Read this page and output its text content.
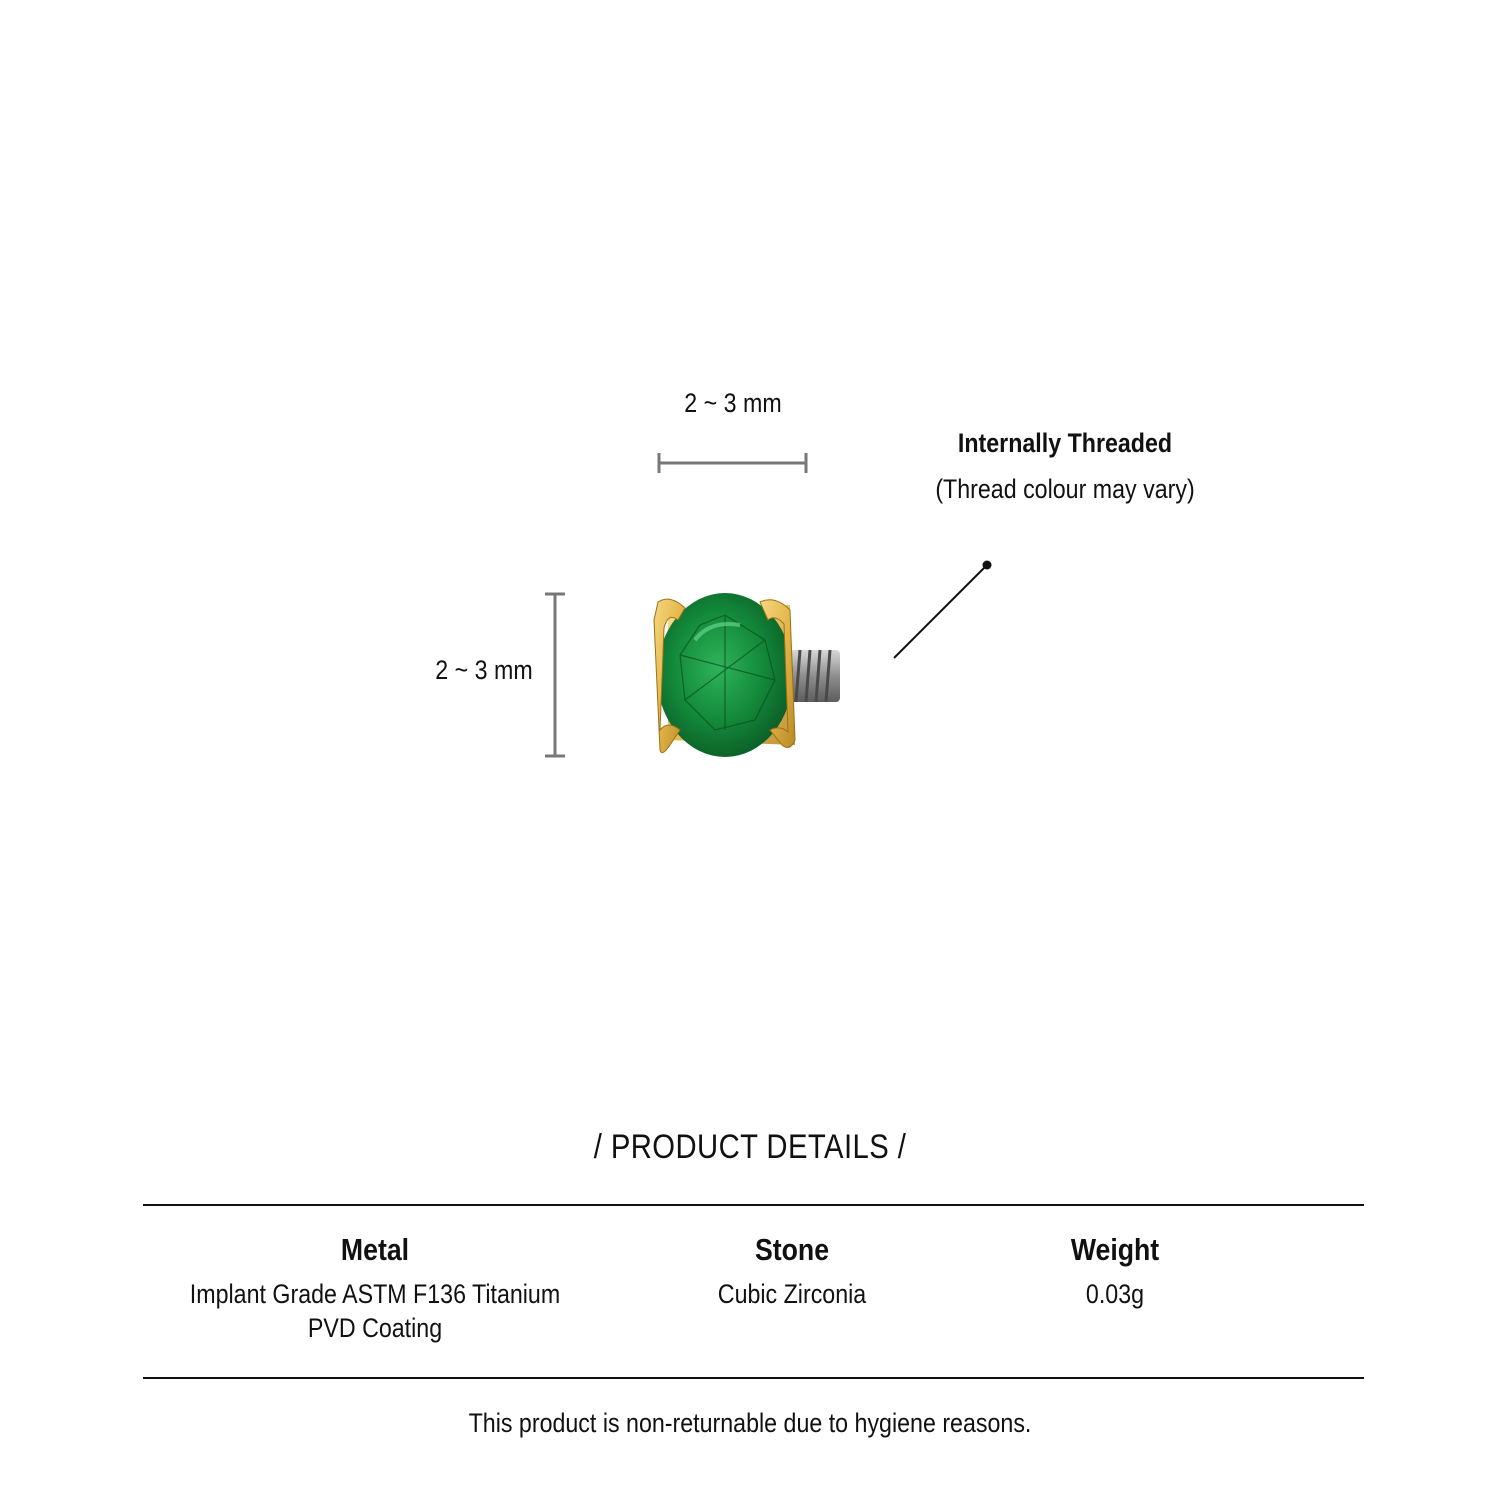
2 ~ 3 mm
2 ~ 3 mm
Internally Threaded
(Thread colour may vary)
/ PRODUCT DETAILS /
Metal
Implant Grade ASTM F136 Titanium
PVD Coating
Stone
Cubic Zirconia
Weight
0.03g
This product is non-returnable due to hygiene reasons.
